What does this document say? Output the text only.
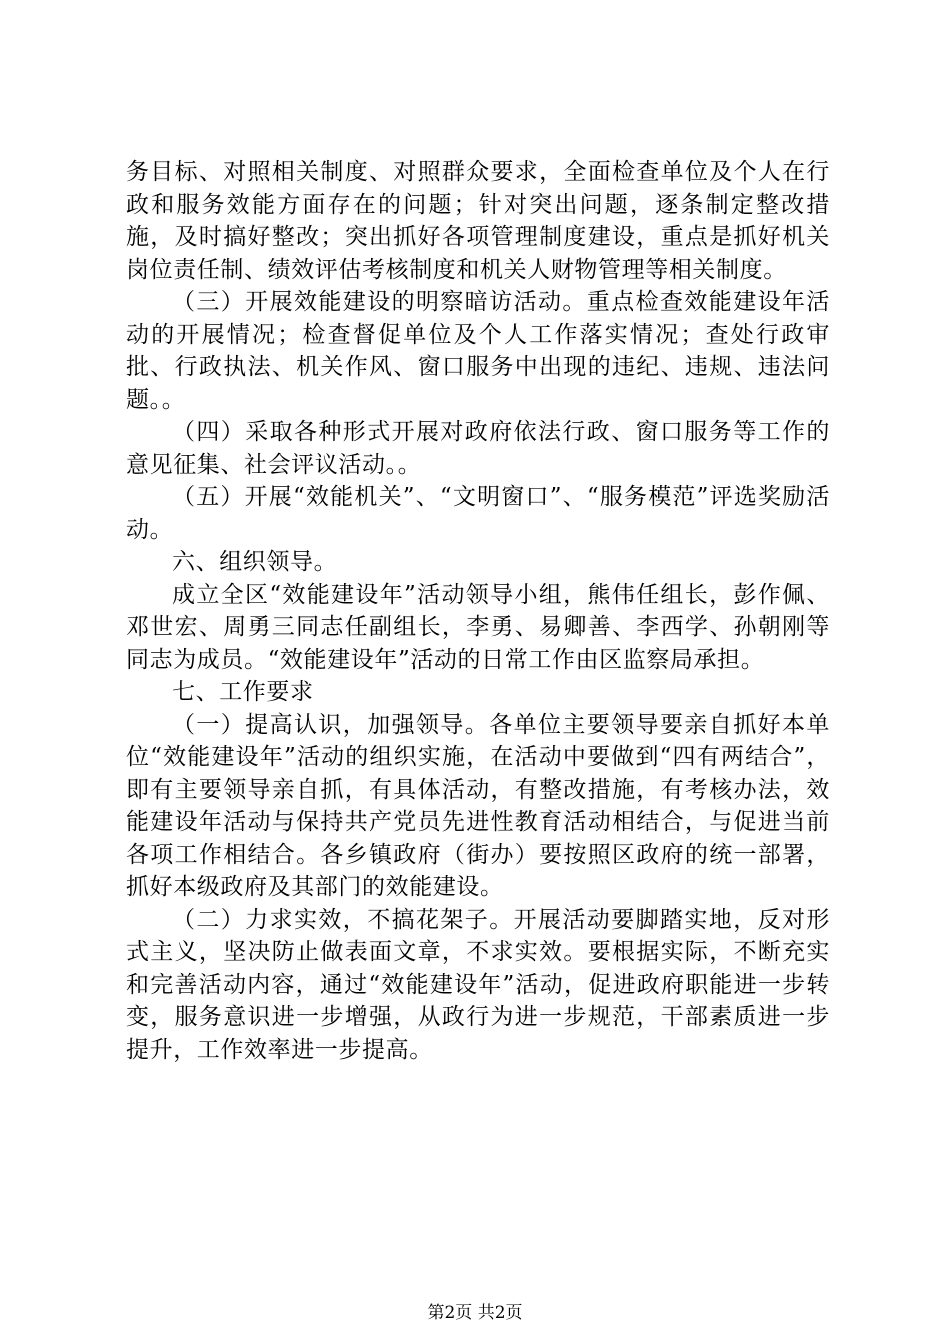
务目标、对照相关制度、对照群众要求，全面检查单位及个人在行政和服务效能方面存在的问题；针对突出问题，逐条制定整改措施，及时搞好整改；突出抓好各项管理制度建设，重点是抓好机关岗位责任制、绩效评估考核制度和机关人财物管理等相关制度。

（三）开展效能建设的明察暗访活动。重点检查效能建设年活动的开展情况；检查督促单位及个人工作落实情况；查处行政审批、行政执法、机关作风、窗口服务中出现的违纪、违规、违法问题。。

（四）采取各种形式开展对政府依法行政、窗口服务等工作的意见征集、社会评议活动。。

（五）开展“效能机关”、“文明窗口”、“服务模范”评选奖励活动。

六、组织领导。

成立全区“效能建设年”活动领导小组，熊伟任组长，彭作佩、邓世宏、周勇三同志任副组长，李勇、易卿善、李西学、孙朝刚等同志为成员。“效能建设年”活动的日常工作由区监察局承担。

七、工作要求

（一）提高认识，加强领导。各单位主要领导要亲自抓好本单位“效能建设年”活动的组织实施，在活动中要做到“四有两结合”，即有主要领导亲自抓，有具体活动，有整改措施，有考核办法，效能建设年活动与保持共产党员先进性教育活动相结合，与促进当前各项工作相结合。各乡镇政府（街办）要按照区政府的统一部署，抓好本级政府及其部门的效能建设。

（二）力求实效，不搞花架子。开展活动要脚踏实地，反对形式主义，坚决防止做表面文章，不求实效。要根据实际，不断充实和完善活动内容，通过“效能建设年”活动，促进政府职能进一步转变，服务意识进一步增强，从政行为进一步规范，干部素质进一步提升，工作效率进一步提高。

第2页 共2页
